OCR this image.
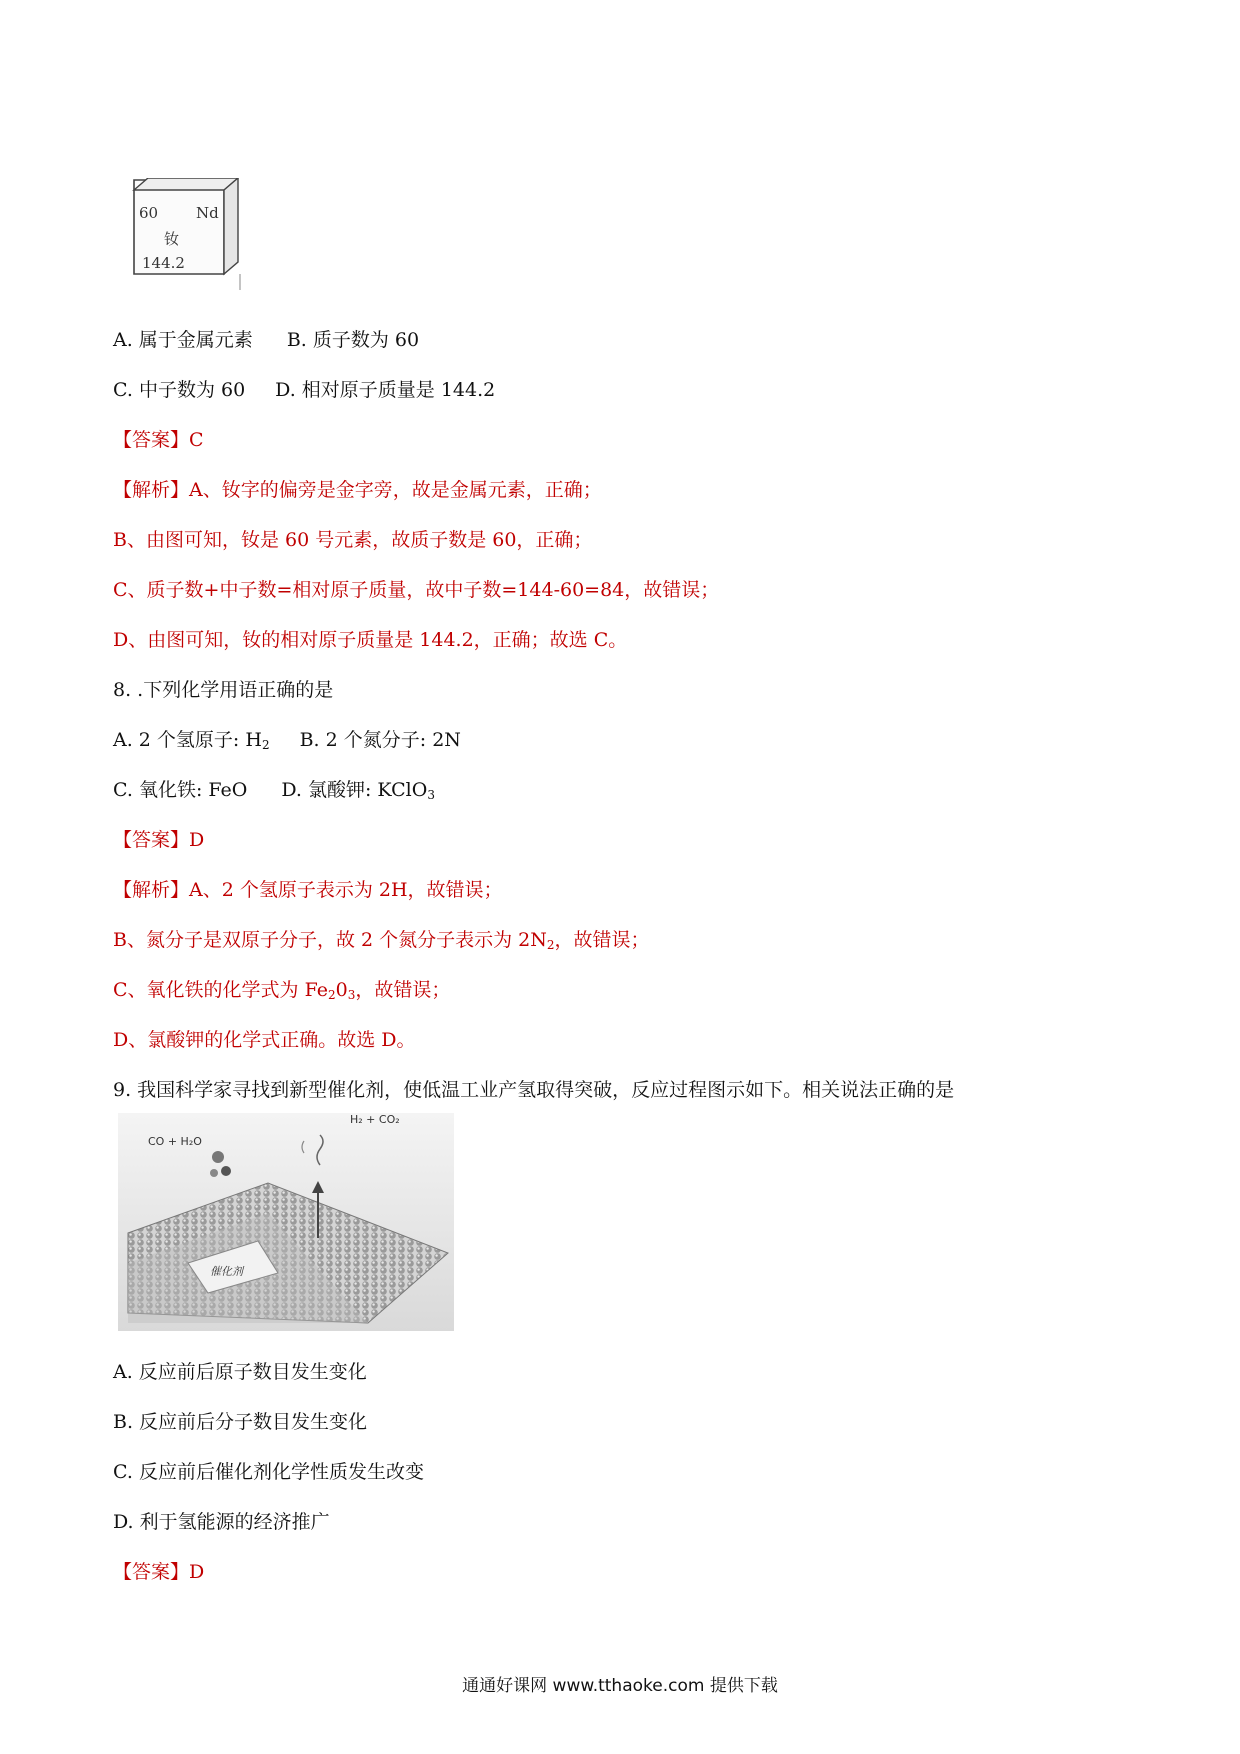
60	Nd
钕
144.2
A. 属于金属元素 B. 质子数为 60
C. 中子数为 60 D. 相对原子质量是 144.2
【答案】C
【解析】A、钕字的偏旁是金字旁，故是金属元素，正确；
B、由图可知，钕是 60 号元素，故质子数是 60，正确；
C、质子数+中子数=相对原子质量，故中子数=144-60=84，故错误；
D、由图可知，钕的相对原子质量是 144.2，正确；故选 C。
8. .下列化学用语正确的是
A. 2 个氢原子: $H_2$ B. 2 个氮分子: 2N
C. 氧化铁: FeO D. 氯酸钾: KClO$_3$
【答案】D
【解析】A、2 个氢原子表示为 2H，故错误；
B、氮分子是双原子分子，故 2 个氮分子表示为 $2N_2$，故错误；
C、氧化铁的化学式为 $Fe_20_3$，故错误；
D、氯酸钾的化学式正确。故选 D。
9. 我国科学家寻找到新型催化剂，使低温工业产氢取得突破，反应过程图示如下。相关说法正确的是
CO + H₂O
H₂ + CO₂
催化剂
A. 反应前后原子数目发生变化
B. 反应前后分子数目发生变化
C. 反应前后催化剂化学性质发生改变
D. 利于氢能源的经济推广
【答案】D
通通好课网 www.tthaoke.com 提供下载
